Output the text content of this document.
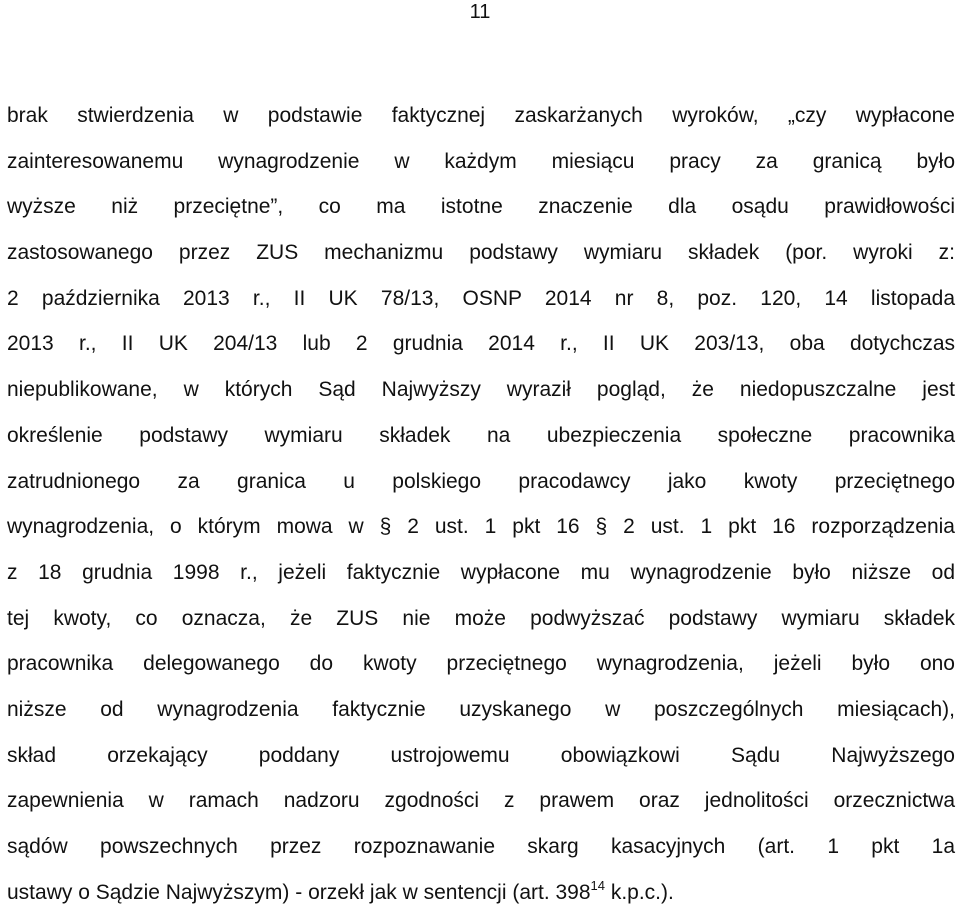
11
brak stwierdzenia w podstawie faktycznej zaskarżanych wyroków, „czy wypłacone
zainteresowanemu wynagrodzenie w każdym miesiącu pracy za granicą było
wyższe niż przeciętne”, co ma istotne znaczenie dla osądu prawidłowości
zastosowanego przez ZUS mechanizmu podstawy wymiaru składek (por. wyroki z:
2 października 2013 r., II UK 78/13, OSNP 2014 nr 8, poz. 120, 14 listopada
2013 r., II UK 204/13 lub 2 grudnia 2014 r., II UK 203/13, oba dotychczas
niepublikowane, w których Sąd Najwyższy wyraził pogląd, że niedopuszczalne jest
określenie podstawy wymiaru składek na ubezpieczenia społeczne pracownika
zatrudnionego za granica u polskiego pracodawcy jako kwoty przeciętnego
wynagrodzenia, o którym mowa w § 2 ust. 1 pkt 16 § 2 ust. 1 pkt 16 rozporządzenia
z 18 grudnia 1998 r., jeżeli faktycznie wypłacone mu wynagrodzenie było niższe od
tej kwoty, co oznacza, że ZUS nie może podwyższać podstawy wymiaru składek
pracownika delegowanego do kwoty przeciętnego wynagrodzenia, jeżeli było ono
niższe od wynagrodzenia faktycznie uzyskanego w poszczególnych miesiącach),
skład orzekający poddany ustrojowemu obowiązkowi Sądu Najwyższego
zapewnienia w ramach nadzoru zgodności z prawem oraz jednolitości orzecznictwa
sądów powszechnych przez rozpoznawanie skarg kasacyjnych (art. 1 pkt 1a
ustawy o Sądzie Najwyższym) - orzekł jak w sentencji (art. $398^{14}$ k.p.c.).
